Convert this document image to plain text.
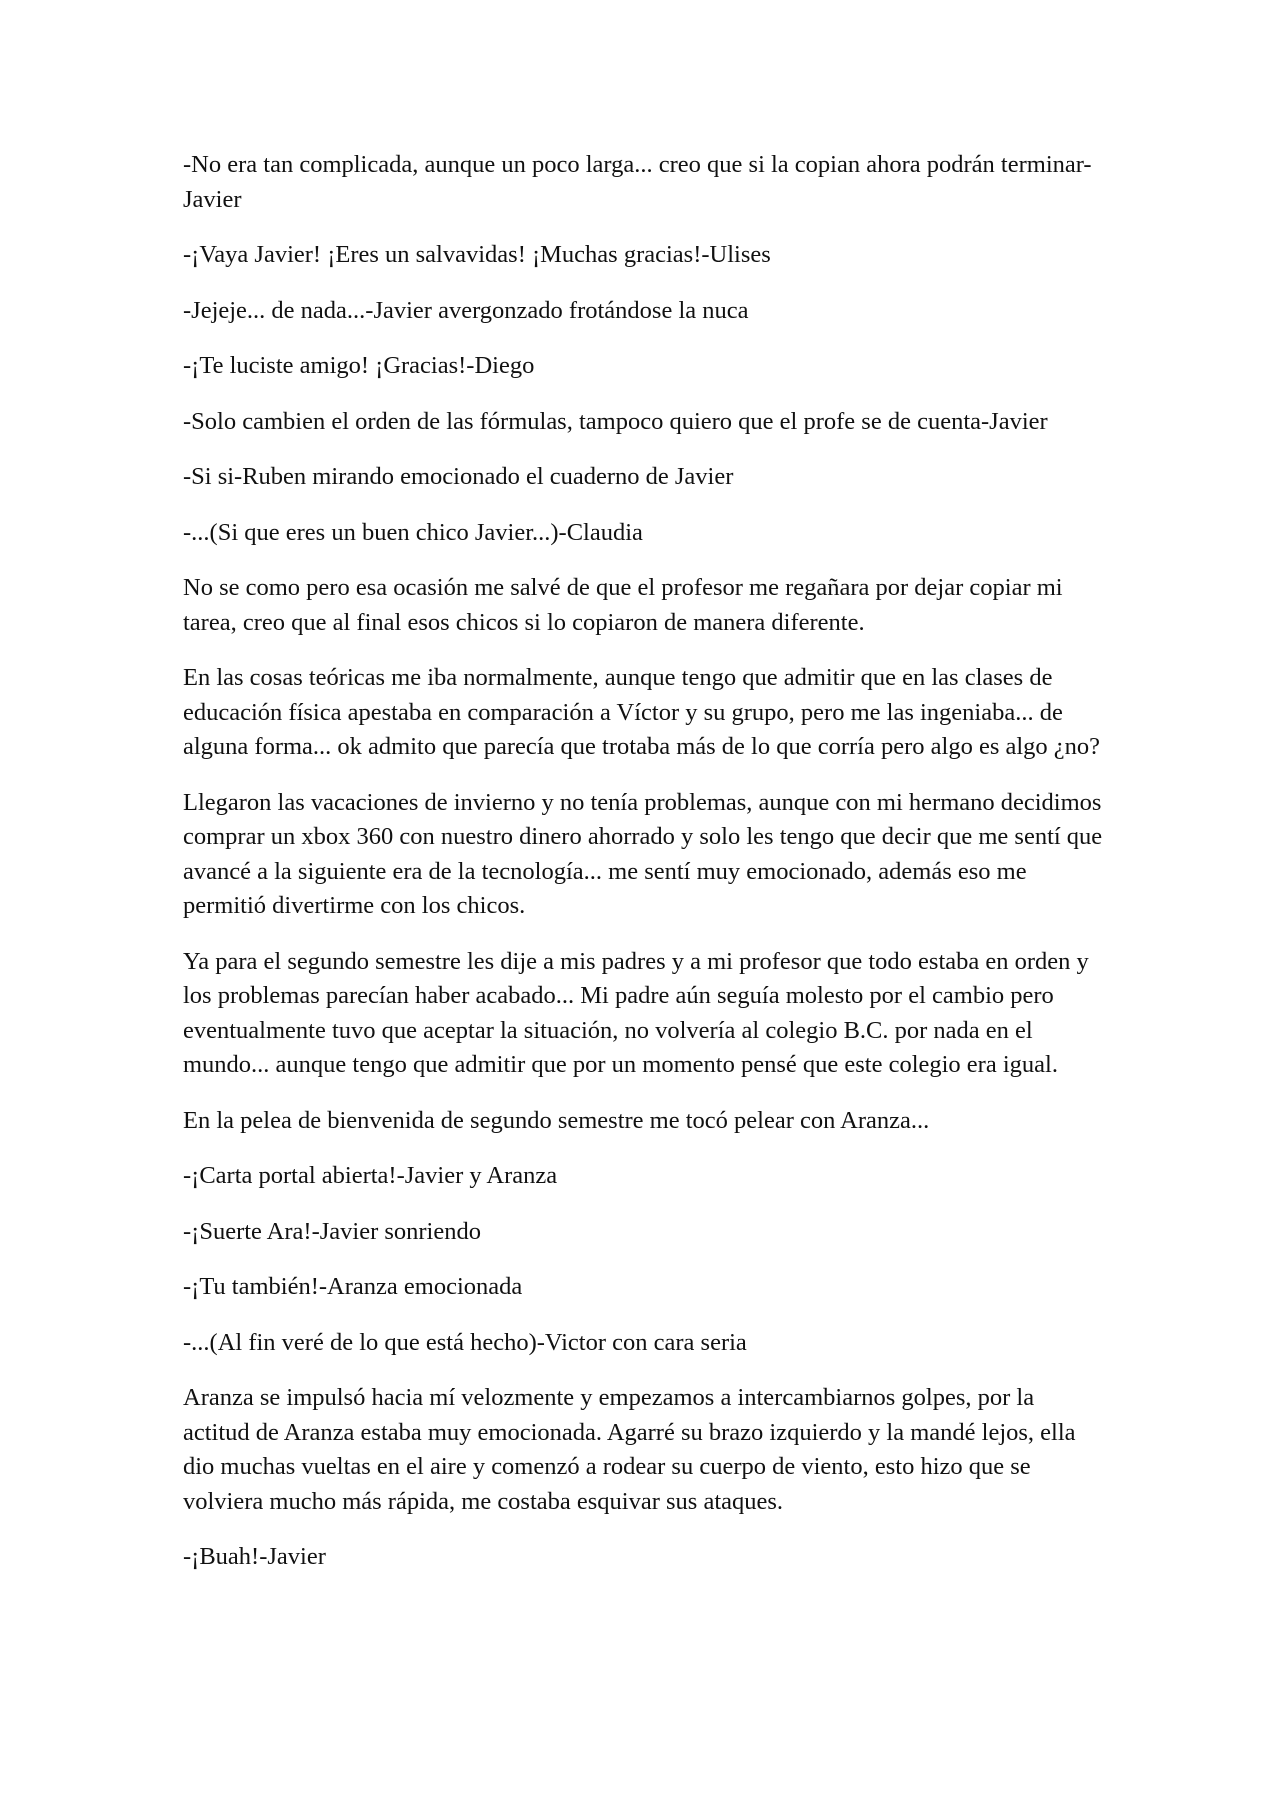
-No era tan complicada, aunque un poco larga... creo que si la copian ahora podrán terminar-Javier

-¡Vaya Javier! ¡Eres un salvavidas! ¡Muchas gracias!-Ulises

-Jejeje... de nada...-Javier avergonzado frotándose la nuca

-¡Te luciste amigo! ¡Gracias!-Diego

-Solo cambien el orden de las fórmulas, tampoco quiero que el profe se de cuenta-Javier

-Si si-Ruben mirando emocionado el cuaderno de Javier

-...(Si que eres un buen chico Javier...)-Claudia

No se como pero esa ocasión me salvé de que el profesor me regañara por dejar copiar mi tarea, creo que al final esos chicos si lo copiaron de manera diferente.

En las cosas teóricas me iba normalmente, aunque tengo que admitir que en las clases de educación física apestaba en comparación a Víctor y su grupo, pero me las ingeniaba... de alguna forma... ok admito que parecía que trotaba más de lo que corría pero algo es algo ¿no?

Llegaron las vacaciones de invierno y no tenía problemas, aunque con mi hermano decidimos comprar un xbox 360 con nuestro dinero ahorrado y solo les tengo que decir que me sentí que avancé a la siguiente era de la tecnología... me sentí muy emocionado, además eso me permitió divertirme con los chicos.

Ya para el segundo semestre les dije a mis padres y a mi profesor que todo estaba en orden y los problemas parecían haber acabado... Mi padre aún seguía molesto por el cambio pero eventualmente tuvo que aceptar la situación, no volvería al colegio B.C. por nada en el mundo... aunque tengo que admitir que por un momento pensé que este colegio era igual.

En la pelea de bienvenida de segundo semestre me tocó pelear con Aranza...

-¡Carta portal abierta!-Javier y Aranza

-¡Suerte Ara!-Javier sonriendo

-¡Tu también!-Aranza emocionada

-...(Al fin veré de lo que está hecho)-Victor con cara seria

Aranza se impulsó hacia mí velozmente y empezamos a intercambiarnos golpes, por la actitud de Aranza estaba muy emocionada. Agarré su brazo izquierdo y la mandé lejos, ella dio muchas vueltas en el aire y comenzó a rodear su cuerpo de viento, esto hizo que se volviera mucho más rápida, me costaba esquivar sus ataques.

-¡Buah!-Javier
